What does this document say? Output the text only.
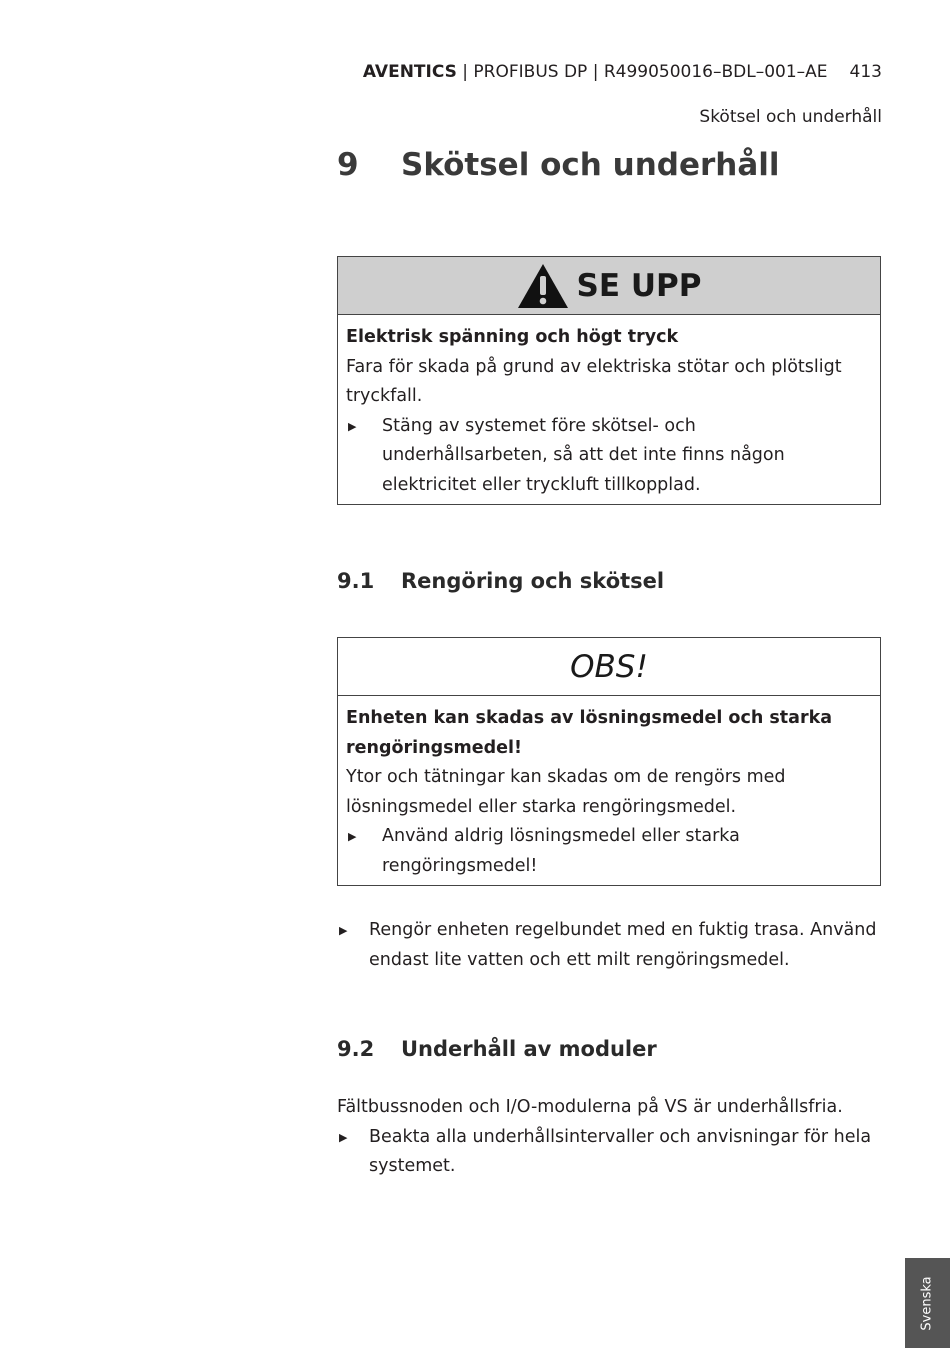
AVENTICS | PROFIBUS DP | R499050016–BDL–001–AE 413
Skötsel och underhåll
9 Skötsel och underhåll
SE UPP
Elektrisk spänning och högt tryck
Fara för skada på grund av elektriska stötar och plötsligt tryckfall.
▶ Stäng av systemet före skötsel- och underhållsarbeten, så att det inte finns någon elektricitet eller tryckluft tillkopplad.
9.1 Rengöring och skötsel
OBS!
Enheten kan skadas av lösningsmedel och starka rengöringsmedel!
Ytor och tätningar kan skadas om de rengörs med lösningsmedel eller starka rengöringsmedel.
▶ Använd aldrig lösningsmedel eller starka rengöringsmedel!
▶ Rengör enheten regelbundet med en fuktig trasa. Använd endast lite vatten och ett milt rengöringsmedel.
9.2 Underhåll av moduler
Fältbussnoden och I/O-modulerna på VS är underhållsfria.
▶ Beakta alla underhållsintervaller och anvisningar för hela systemet.
Svenska
